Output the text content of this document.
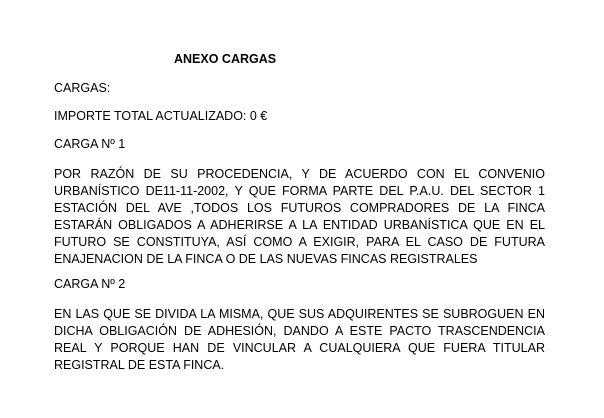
ANEXO CARGAS
CARGAS:
IMPORTE TOTAL ACTUALIZADO: 0 €
CARGA Nº 1
POR RAZÓN DE SU PROCEDENCIA, Y DE ACUERDO CON EL CONVENIO URBANÍSTICO DE11-11-2002, Y QUE FORMA PARTE DEL P.A.U. DEL SECTOR 1 ESTACIÓN DEL AVE ,TODOS LOS FUTUROS COMPRADORES DE LA FINCA ESTARÁN OBLIGADOS A ADHERIRSE A LA ENTIDAD URBANÍSTICA QUE EN EL FUTURO SE CONSTITUYA, ASÍ COMO A EXIGIR, PARA EL CASO DE FUTURA ENAJENACION DE LA FINCA O DE LAS NUEVAS FINCAS REGISTRALES
CARGA Nº 2
EN LAS QUE SE DIVIDA LA MISMA, QUE SUS ADQUIRENTES SE SUBROGUEN EN DICHA OBLIGACIÓN DE ADHESIÓN, DANDO A ESTE PACTO TRASCENDENCIA REAL Y PORQUE HAN DE VINCULAR A CUALQUIERA QUE FUERA TITULAR REGISTRAL DE ESTA FINCA.
